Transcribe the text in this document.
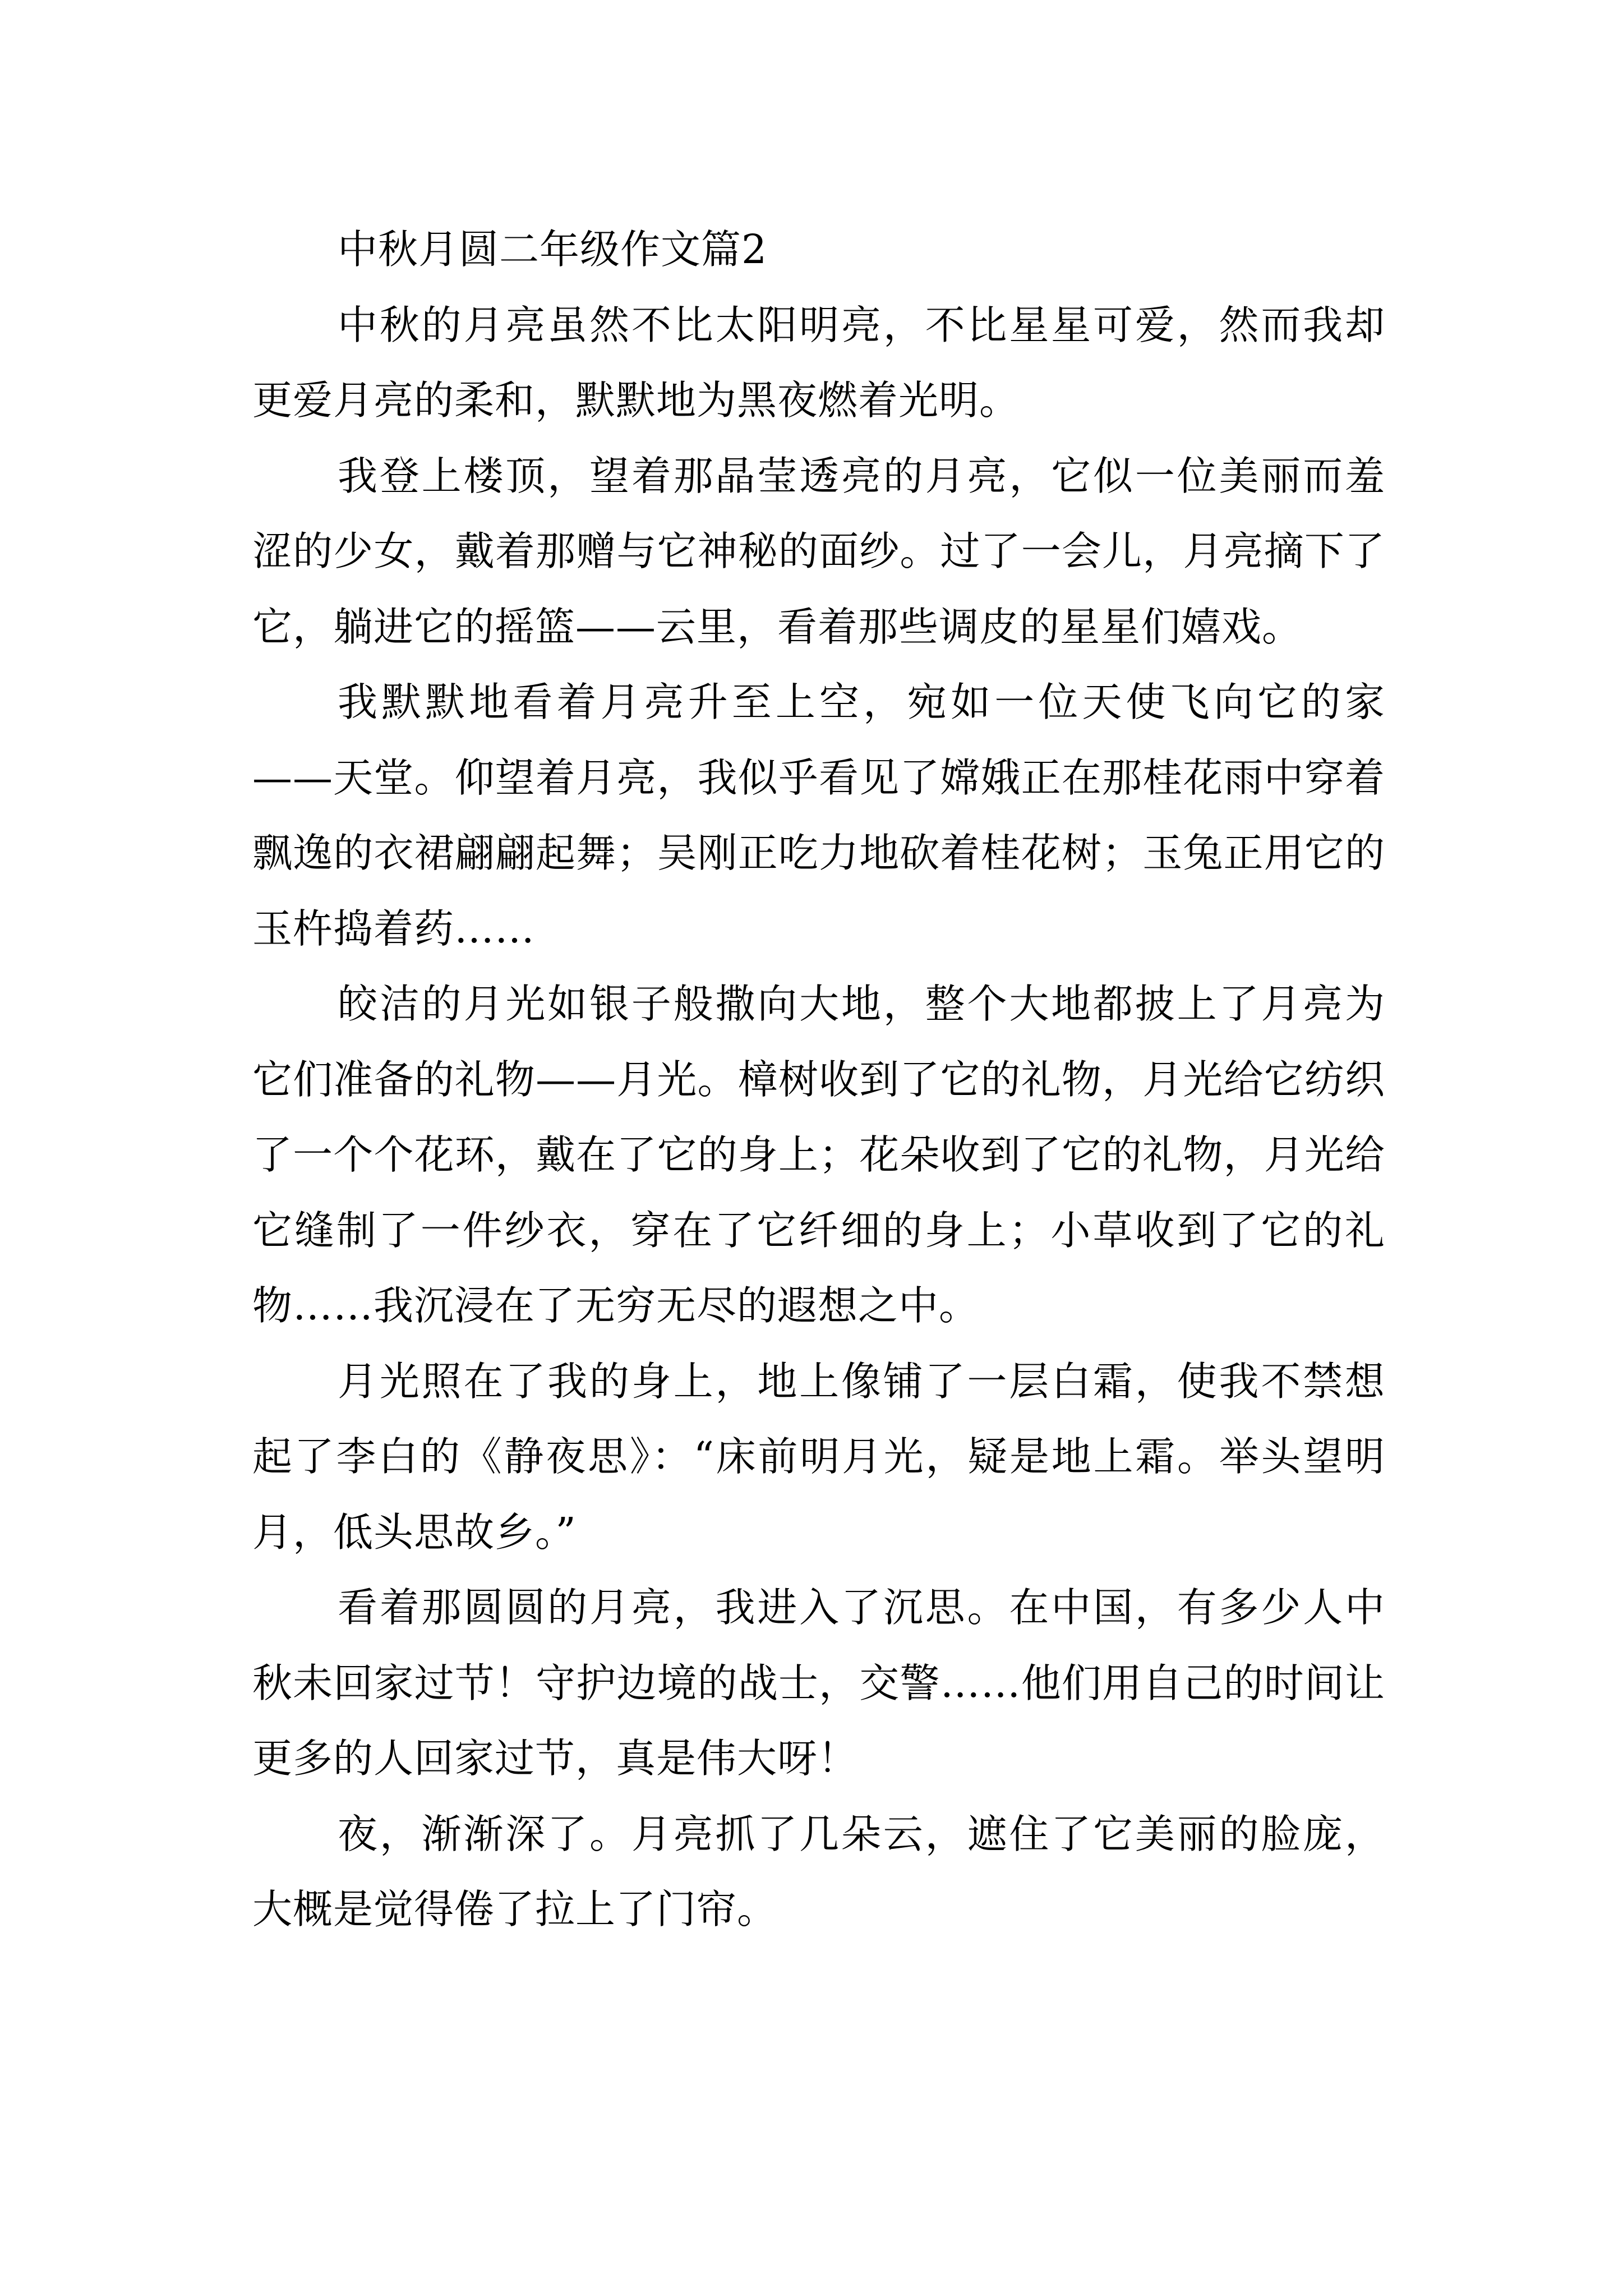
中秋月圆二年级作文篇2

中秋的月亮虽然不比太阳明亮，不比星星可爱，然而我却更爱月亮的柔和，默默地为黑夜燃着光明。

我登上楼顶，望着那晶莹透亮的月亮，它似一位美丽而羞涩的少女，戴着那赠与它神秘的面纱。过了一会儿，月亮摘下了它，躺进它的摇篮——云里，看着那些调皮的星星们嬉戏。

我默默地看着月亮升至上空，宛如一位天使飞向它的家——天堂。仰望着月亮，我似乎看见了嫦娥正在那桂花雨中穿着飘逸的衣裙翩翩起舞；吴刚正吃力地砍着桂花树；玉兔正用它的玉杵捣着药……

皎洁的月光如银子般撒向大地，整个大地都披上了月亮为它们准备的礼物——月光。樟树收到了它的礼物，月光给它纺织了一个个花环，戴在了它的身上；花朵收到了它的礼物，月光给它缝制了一件纱衣，穿在了它纤细的身上；小草收到了它的礼物……我沉浸在了无穷无尽的遐想之中。

月光照在了我的身上，地上像铺了一层白霜，使我不禁想起了李白的《静夜思》：“床前明月光，疑是地上霜。举头望明月，低头思故乡。”

看着那圆圆的月亮，我进入了沉思。在中国，有多少人中秋未回家过节！守护边境的战士，交警……他们用自己的时间让更多的人回家过节，真是伟大呀！

夜，渐渐深了。月亮抓了几朵云，遮住了它美丽的脸庞，大概是觉得倦了拉上了门帘。
